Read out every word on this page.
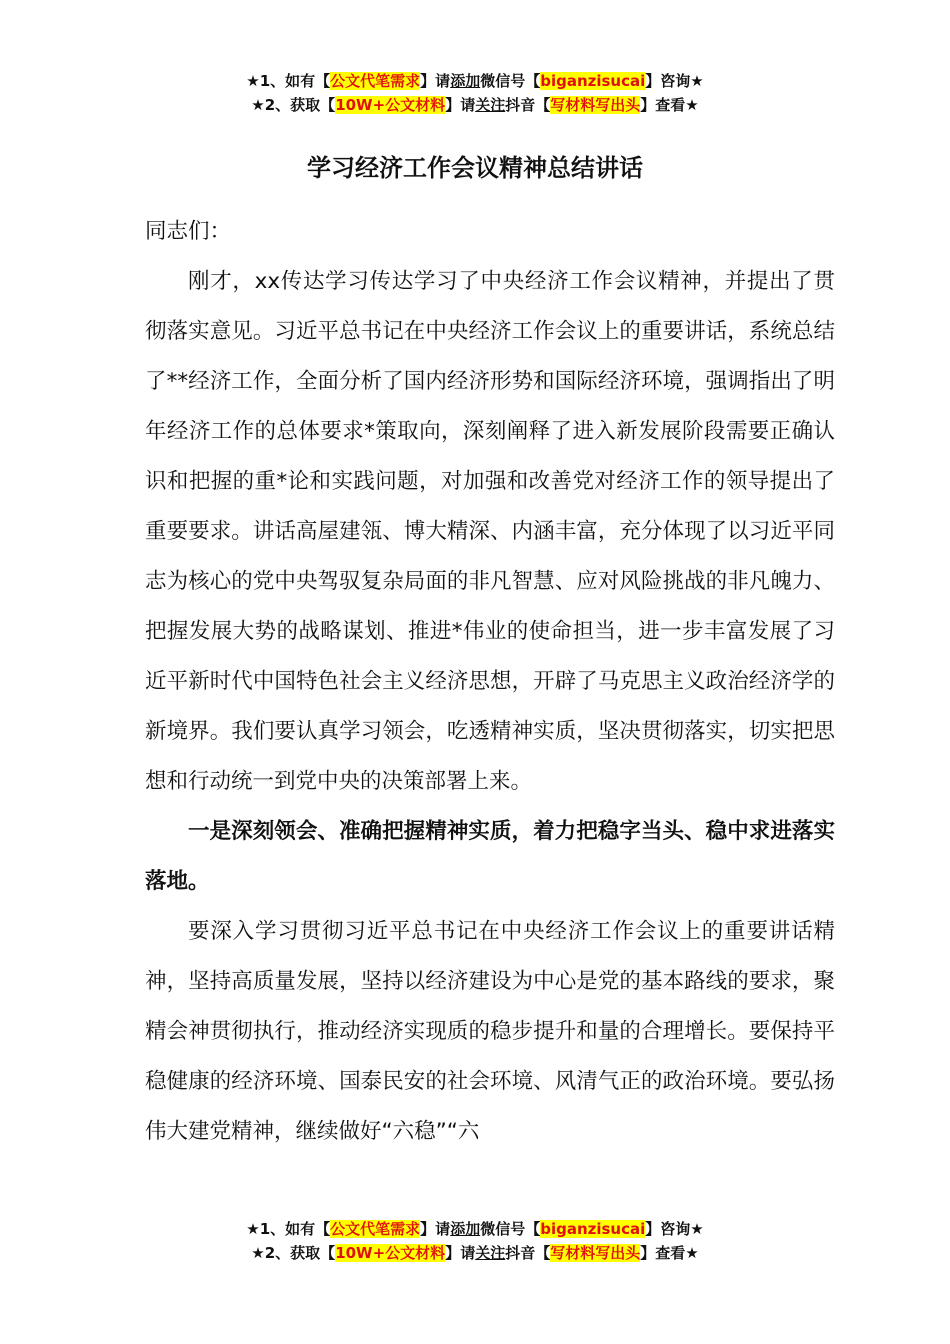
★1、如有【公文代笔需求】请添加微信号【biganzisucai】咨询★
★2、获取【10W+公文材料】请关注抖音【写材料写出头】查看★
学习经济工作会议精神总结讲话

同志们：

刚才，xx传达学习传达学习了中央经济工作会议精神，并提出了贯彻落实意见。习近平总书记在中央经济工作会议上的重要讲话，系统总结了**经济工作，全面分析了国内经济形势和国际经济环境，强调指出了明年经济工作的总体要求*策取向，深刻阐释了进入新发展阶段需要正确认识和把握的重*论和实践问题，对加强和改善党对经济工作的领导提出了重要要求。讲话高屋建瓴、博大精深、内涵丰富，充分体现了以习近平同志为核心的党中央驾驭复杂局面的非凡智慧、应对风险挑战的非凡魄力、把握发展大势的战略谋划、推进*伟业的使命担当，进一步丰富发展了习近平新时代中国特色社会主义经济思想，开辟了马克思主义政治经济学的新境界。我们要认真学习领会，吃透精神实质，坚决贯彻落实，切实把思想和行动统一到党中央的决策部署上来。

一是深刻领会、准确把握精神实质，着力把稳字当头、稳中求进落实落地。

要深入学习贯彻习近平总书记在中央经济工作会议上的重要讲话精神，坚持高质量发展，坚持以经济建设为中心是党的基本路线的要求，聚精会神贯彻执行，推动经济实现质的稳步提升和量的合理增长。要保持平稳健康的经济环境、国泰民安的社会环境、风清气正的政治环境。要弘扬伟大建党精神，继续做好“六稳”“六

★1、如有【公文代笔需求】请添加微信号【biganzisucai】咨询★
★2、获取【10W+公文材料】请关注抖音【写材料写出头】查看★
